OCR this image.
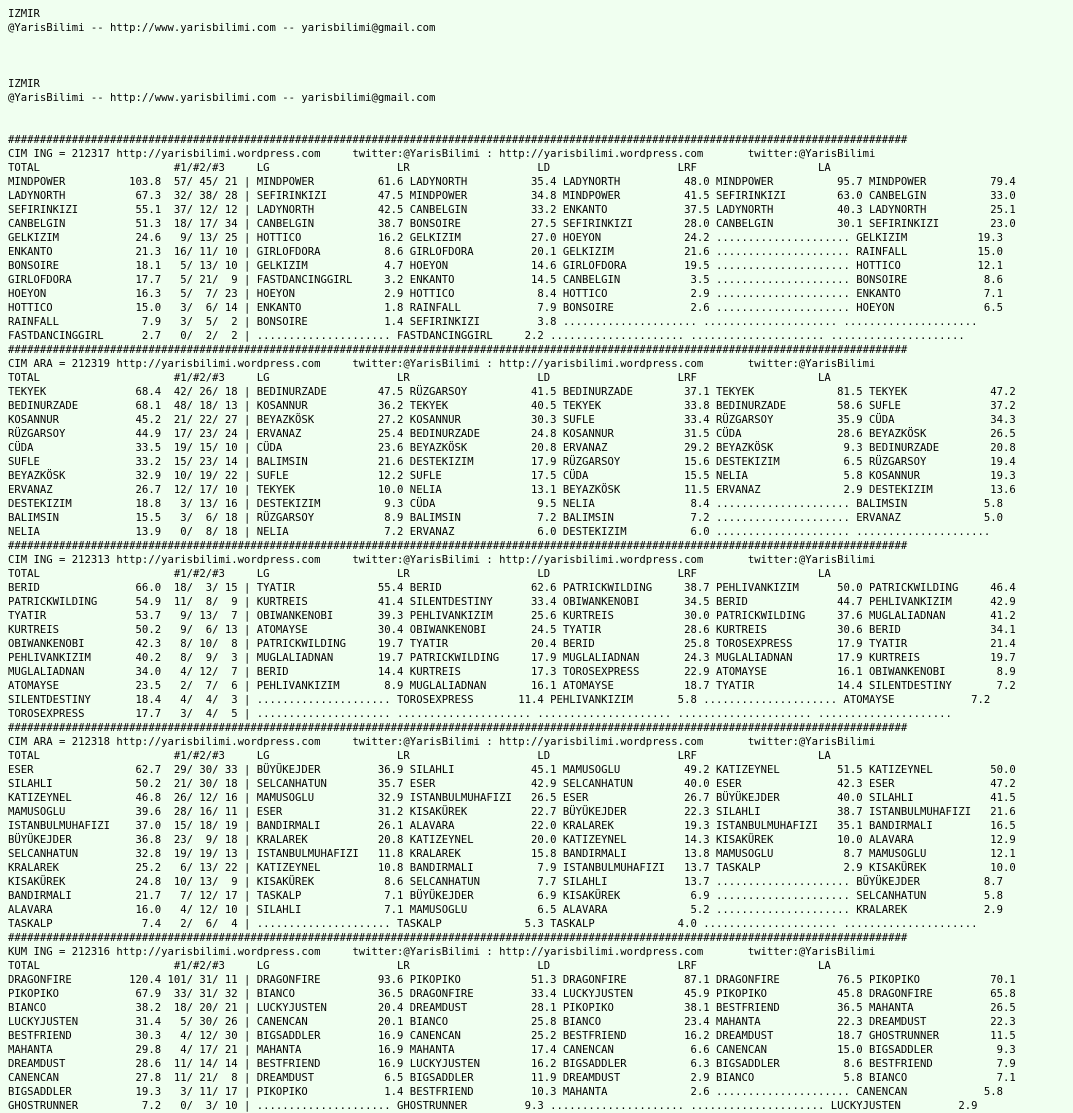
IZMIR
@YarisBilimi -- http://www.yarisbilimi.com -- yarisbilimi@gmail.com
IZMIR
@YarisBilimi -- http://www.yarisbilimi.com -- yarisbilimi@gmail.com
#############################################################################################################################################
CIM ING = 212317 http://yarisbilimi.wordpress.com     twitter:@YarisBilimi : http://yarisbilimi.wordpress.com       twitter:@YarisBilimi
TOTAL                     #1/#2/#3     LG                    LR                    LD                    LRF                   LA
MINDPOWER          103.8  57/ 45/ 21 | MINDPOWER          61.6 LADYNORTH          35.4 LADYNORTH          48.0 MINDPOWER          95.7 MINDPOWER          79.4
LADYNORTH           67.3  32/ 38/ 28 | SEFIRINKIZI        47.5 MINDPOWER          34.8 MINDPOWER          41.5 SEFIRINKIZI        63.0 CANBELGIN          33.0
SEFIRINKIZI         55.1  37/ 12/ 12 | LADYNORTH          42.5 CANBELGIN          33.2 ENKANTO            37.5 LADYNORTH          40.3 LADYNORTH          25.1
CANBELGIN           51.3  18/ 17/ 34 | CANBELGIN          38.7 BONSOIRE           27.5 SEFIRINKIZI        28.0 CANBELGIN          30.1 SEFIRINKIZI        23.0
GELKIZIM            24.6   9/ 13/ 25 | HOTTICO            16.2 GELKIZIM           27.0 HOEYON             24.2 ..................... GELKIZIM           19.3
ENKANTO             21.3  16/ 11/ 10 | GIRLOFDORA          8.6 GIRLOFDORA         20.1 GELKIZIM           21.6 ..................... RAINFALL           15.0
BONSOIRE            18.1   5/ 13/ 10 | GELKIZIM            4.7 HOEYON             14.6 GIRLOFDORA         19.5 ..................... HOTTICO            12.1
GIRLOFDORA          17.7   5/ 21/  9 | FASTDANCINGGIRL     3.2 ENKANTO            14.5 CANBELGIN           3.5 ..................... BONSOIRE            8.6
HOEYON              16.3   5/  7/ 23 | HOEYON              2.9 HOTTICO             8.4 HOTTICO             2.9 ..................... ENKANTO             7.1
HOTTICO             15.0   3/  6/ 14 | ENKANTO             1.8 RAINFALL            7.9 BONSOIRE            2.6 ..................... HOEYON              6.5
RAINFALL             7.9   3/  5/  2 | BONSOIRE            1.4 SEFIRINKIZI         3.8 ..................... ..................... .....................
FASTDANCINGGIRL      2.7   0/  2/  2 | ..................... FASTDANCINGGIRL     2.2 ..................... ..................... .....................
#############################################################################################################################################
CIM ARA = 212319 http://yarisbilimi.wordpress.com     twitter:@YarisBilimi : http://yarisbilimi.wordpress.com       twitter:@YarisBilimi
TOTAL                     #1/#2/#3     LG                    LR                    LD                    LRF                   LA
TEKYEK              68.4  42/ 26/ 18 | BEDINURZADE        47.5 RÜZGARSOY          41.5 BEDINURZADE        37.1 TEKYEK             81.5 TEKYEK             47.2
BEDINURZADE         68.1  48/ 18/ 13 | KOSANNUR           36.2 TEKYEK             40.5 TEKYEK             33.8 BEDINURZADE        58.6 SUFLE              37.2
KOSANNUR            45.2  21/ 22/ 27 | BEYAZKÖSK          27.2 KOSANNUR           30.3 SUFLE              33.4 RÜZGARSOY          35.9 CÜDA               34.3
RÜZGARSOY           44.9  17/ 23/ 24 | ERVANAZ            25.4 BEDINURZADE        24.8 KOSANNUR           31.5 CÜDA               28.6 BEYAZKÖSK          26.5
CÜDA                33.5  19/ 15/ 10 | CÜDA               23.6 BEYAZKÖSK          20.8 ERVANAZ            29.2 BEYAZKÖSK           9.3 BEDINURZADE        20.8
SUFLE               33.2  15/ 23/ 14 | BALIMSIN           21.6 DESTEKIZIM         17.9 RÜZGARSOY          15.6 DESTEKIZIM          6.5 RÜZGARSOY          19.4
BEYAZKÖSK           32.9  10/ 19/ 22 | SUFLE              12.2 SUFLE              17.5 CÜDA               15.5 NELIA               5.8 KOSANNUR           19.3
ERVANAZ             26.7  12/ 17/ 10 | TEKYEK             10.0 NELIA              13.1 BEYAZKÖSK          11.5 ERVANAZ             2.9 DESTEKIZIM         13.6
DESTEKIZIM          18.8   3/ 13/ 16 | DESTEKIZIM          9.3 CÜDA                9.5 NELIA               8.4 ..................... BALIMSIN            5.8
BALIMSIN            15.5   3/  6/ 18 | RÜZGARSOY           8.9 BALIMSIN            7.2 BALIMSIN            7.2 ..................... ERVANAZ             5.0
NELIA               13.9   0/  8/ 18 | NELIA               7.2 ERVANAZ             6.0 DESTEKIZIM          6.0 ..................... .....................
#############################################################################################################################################
CIM ING = 212313 http://yarisbilimi.wordpress.com     twitter:@YarisBilimi : http://yarisbilimi.wordpress.com       twitter:@YarisBilimi
TOTAL                     #1/#2/#3     LG                    LR                    LD                    LRF                   LA
BERID               66.0  18/  3/ 15 | TYATIR             55.4 BERID              62.6 PATRICKWILDING     38.7 PEHLIVANKIZIM      50.0 PATRICKWILDING     46.4
PATRICKWILDING      54.9  11/  8/  9 | KURTREIS           41.4 SILENTDESTINY      33.4 OBIWANKENOBI       34.5 BERID              44.7 PEHLIVANKIZIM      42.9
TYATIR              53.7   9/ 13/  7 | OBIWANKENOBI       39.3 PEHLIVANKIZIM      25.6 KURTREIS           30.0 PATRICKWILDING     37.6 MUGLALIADNAN       41.2
KURTREIS            50.2   9/  6/ 13 | ATOMAYSE           30.4 OBIWANKENOBI       24.5 TYATIR             28.6 KURTREIS           30.6 BERID              34.1
OBIWANKENOBI        42.3   8/ 10/  8 | PATRICKWILDING     19.7 TYATIR             20.4 BERID              25.8 TOROSEXPRESS       17.9 TYATIR             21.4
PEHLIVANKIZIM       40.2   8/  9/  3 | MUGLALIADNAN       19.7 PATRICKWILDING     17.9 MUGLALIADNAN       24.3 MUGLALIADNAN       17.9 KURTREIS           19.7
MUGLALIADNAN        34.0   4/ 12/  7 | BERID              14.4 KURTREIS           17.3 TOROSEXPRESS       22.9 ATOMAYSE           16.1 OBIWANKENOBI        8.9
ATOMAYSE            23.5   2/  7/  6 | PEHLIVANKIZIM       8.9 MUGLALIADNAN       16.1 ATOMAYSE           18.7 TYATIR             14.4 SILENTDESTINY       7.2
SILENTDESTINY       18.4   4/  4/  3 | ..................... TOROSEXPRESS       11.4 PEHLIVANKIZIM       5.8 ..................... ATOMAYSE            7.2
TOROSEXPRESS        17.7   3/  4/  5 | ..................... ..................... ..................... ..................... .....................
#############################################################################################################################################
CIM ARA = 212318 http://yarisbilimi.wordpress.com     twitter:@YarisBilimi : http://yarisbilimi.wordpress.com       twitter:@YarisBilimi
TOTAL                     #1/#2/#3     LG                    LR                    LD                    LRF                   LA
ESER                62.7  29/ 30/ 33 | BÜYÜKEJDER         36.9 SILAHLI            45.1 MAMUSOGLU          49.2 KATIZEYNEL         51.5 KATIZEYNEL         50.0
SILAHLI             50.2  21/ 30/ 18 | SELCANHATUN        35.7 ESER               42.9 SELCANHATUN        40.0 ESER               42.3 ESER               47.2
KATIZEYNEL          46.8  26/ 12/ 16 | MAMUSOGLU          32.9 ISTANBULMUHAFIZI   26.5 ESER               26.7 BÜYÜKEJDER         40.0 SILAHLI            41.5
MAMUSOGLU           39.6  28/ 16/ 11 | ESER               31.2 KISAKÜREK          22.7 BÜYÜKEJDER         22.3 SILAHLI            38.7 ISTANBULMUHAFIZI   21.6
ISTANBULMUHAFIZI    37.0  15/ 18/ 19 | BANDIRMALI         26.1 ALAVARA            22.0 KRALAREK           19.3 ISTANBULMUHAFIZI   35.1 BANDIRMALI         16.5
BÜYÜKEJDER          36.8  23/  9/ 18 | KRALAREK           20.8 KATIZEYNEL         20.0 KATIZEYNEL         14.3 KISAKÜREK          10.0 ALAVARA            12.9
SELCANHATUN         32.8  19/ 19/ 13 | ISTANBULMUHAFIZI   11.8 KRALAREK           15.8 BANDIRMALI         13.8 MAMUSOGLU           8.7 MAMUSOGLU          12.1
KRALAREK            25.2   6/ 13/ 22 | KATIZEYNEL         10.8 BANDIRMALI          7.9 ISTANBULMUHAFIZI   13.7 TASKALP             2.9 KISAKÜREK          10.0
KISAKÜREK           24.8  10/ 13/  9 | KISAKÜREK           8.6 SELCANHATUN         7.7 SILAHLI            13.7 ..................... BÜYÜKEJDER          8.7
BANDIRMALI          21.7   7/ 12/ 17 | TASKALP             7.1 BÜYÜKEJDER          6.9 KISAKÜREK           6.9 ..................... SELCANHATUN         5.8
ALAVARA             16.0   4/ 12/ 10 | SILAHLI             7.1 MAMUSOGLU           6.5 ALAVARA             5.2 ..................... KRALAREK            2.9
TASKALP              7.4   2/  6/  4 | ..................... TASKALP             5.3 TASKALP             4.0 ..................... .....................
#############################################################################################################################################
KUM ING = 212316 http://yarisbilimi.wordpress.com     twitter:@YarisBilimi : http://yarisbilimi.wordpress.com       twitter:@YarisBilimi
TOTAL                     #1/#2/#3     LG                    LR                    LD                    LRF                   LA
DRAGONFIRE         120.4 101/ 31/ 11 | DRAGONFIRE         93.6 PIKOPIKO           51.3 DRAGONFIRE         87.1 DRAGONFIRE         76.5 PIKOPIKO           70.1
PIKOPIKO            67.9  33/ 31/ 32 | BIANCO             36.5 DRAGONFIRE         33.4 LUCKYJUSTEN        45.9 PIKOPIKO           45.8 DRAGONFIRE         65.8
BIANCO              38.2  18/ 20/ 21 | LUCKYJUSTEN        20.4 DREAMDUST          28.1 PIKOPIKO           38.1 BESTFRIEND         36.5 MAHANTA            26.5
LUCKYJUSTEN         31.4   5/ 30/ 26 | CANENCAN           20.1 BIANCO             25.8 BIANCO             23.4 MAHANTA            22.3 DREAMDUST          22.3
BESTFRIEND          30.3   4/ 12/ 30 | BIGSADDLER         16.9 CANENCAN           25.2 BESTFRIEND         16.2 DREAMDUST          18.7 GHOSTRUNNER        11.5
MAHANTA             29.8   4/ 17/ 21 | MAHANTA            16.9 MAHANTA            17.4 CANENCAN            6.6 CANENCAN           15.0 BIGSADDLER          9.3
DREAMDUST           28.6  11/ 14/ 14 | BESTFRIEND         16.9 LUCKYJUSTEN        16.2 BIGSADDLER          6.3 BIGSADDLER          8.6 BESTFRIEND          7.9
CANENCAN            27.8  11/ 21/  8 | DREAMDUST           6.5 BIGSADDLER         11.9 DREAMDUST           2.9 BIANCO              5.8 BIANCO              7.1
BIGSADDLER          19.3   3/ 11/ 17 | PIKOPIKO            1.4 BESTFRIEND         10.3 MAHANTA             2.6 ..................... CANENCAN            5.8
GHOSTRUNNER          7.2   0/  3/ 10 | ..................... GHOSTRUNNER         9.3 ..................... ..................... LUCKYJUSTEN         2.9
